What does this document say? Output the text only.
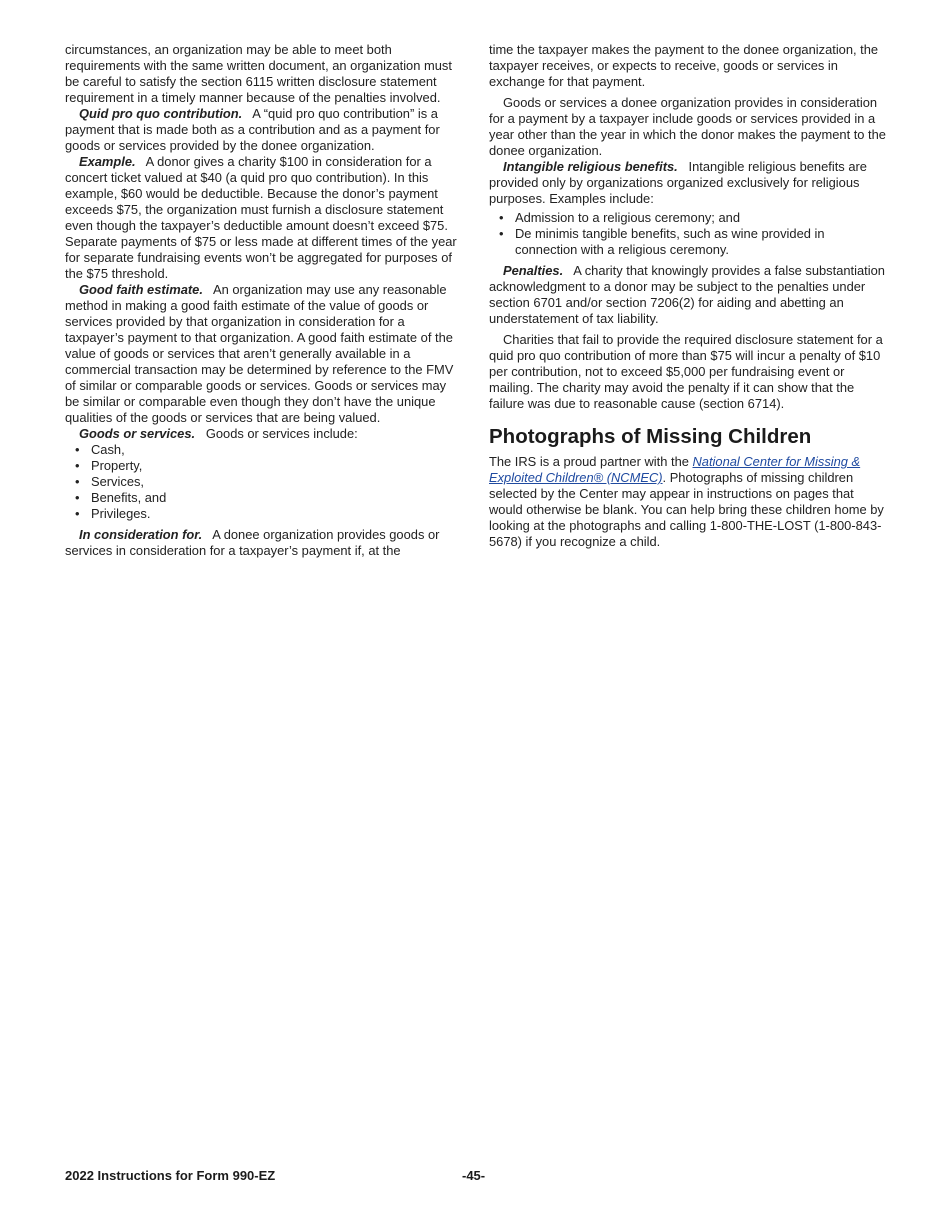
circumstances, an organization may be able to meet both requirements with the same written document, an organization must be careful to satisfy the section 6115 written disclosure statement requirement in a timely manner because of the penalties involved.

Quid pro quo contribution. A “quid pro quo contribution” is a payment that is made both as a contribution and as a payment for goods or services provided by the donee organization.

Example. A donor gives a charity $100 in consideration for a concert ticket valued at $40 (a quid pro quo contribution). In this example, $60 would be deductible. Because the donor’s payment exceeds $75, the organization must furnish a disclosure statement even though the taxpayer’s deductible amount doesn’t exceed $75. Separate payments of $75 or less made at different times of the year for separate fundraising events won’t be aggregated for purposes of the $75 threshold.

Good faith estimate. An organization may use any reasonable method in making a good faith estimate of the value of goods or services provided by that organization in consideration for a taxpayer’s payment to that organization. A good faith estimate of the value of goods or services that aren’t generally available in a commercial transaction may be determined by reference to the FMV of similar or comparable goods or services. Goods or services may be similar or comparable even though they don’t have the unique qualities of the goods or services that are being valued.

Goods or services. Goods or services include:

• Cash,
• Property,
• Services,
• Benefits, and
• Privileges.

In consideration for. A donee organization provides goods or services in consideration for a taxpayer’s payment if, at the

time the taxpayer makes the payment to the donee organization, the taxpayer receives, or expects to receive, goods or services in exchange for that payment.

Goods or services a donee organization provides in consideration for a payment by a taxpayer include goods or services provided in a year other than the year in which the donor makes the payment to the donee organization.

Intangible religious benefits. Intangible religious benefits are provided only by organizations organized exclusively for religious purposes. Examples include:

• Admission to a religious ceremony; and
• De minimis tangible benefits, such as wine provided in connection with a religious ceremony.

Penalties. A charity that knowingly provides a false substantiation acknowledgment to a donor may be subject to the penalties under section 6701 and/or section 7206(2) for aiding and abetting an understatement of tax liability.

Charities that fail to provide the required disclosure statement for a quid pro quo contribution of more than $75 will incur a penalty of $10 per contribution, not to exceed $5,000 per fundraising event or mailing. The charity may avoid the penalty if it can show that the failure was due to reasonable cause (section 6714).

Photographs of Missing Children

The IRS is a proud partner with the National Center for Missing & Exploited Children® (NCMEC). Photographs of missing children selected by the Center may appear in instructions on pages that would otherwise be blank. You can help bring these children home by looking at the photographs and calling 1-800-THE-LOST (1-800-843-5678) if you recognize a child.

2022 Instructions for Form 990-EZ	-45-
